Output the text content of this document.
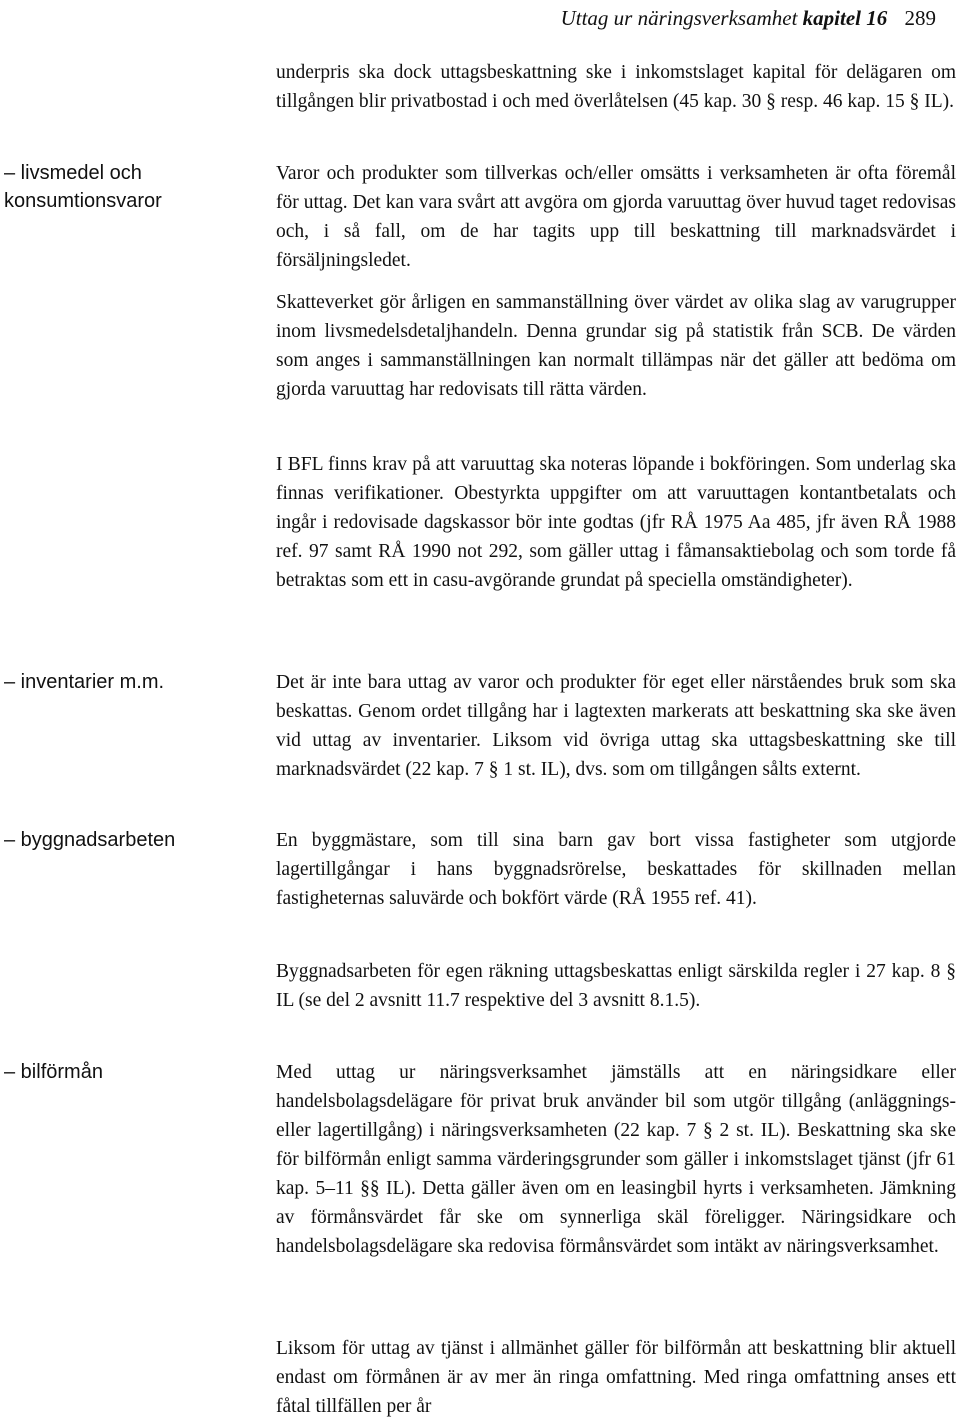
Uttag ur näringsverksamhet kapitel 16 289
– livsmedel och konsumtionsvaror
– inventarier m.m.
– byggnadsarbeten
– bilförmån

underpris ska dock uttagsbeskattning ske i inkomstslaget kapital för delägaren om tillgången blir privatbostad i och med överlåtelsen (45 kap. 30 § resp. 46 kap. 15 § IL).

Varor och produkter som tillverkas och/eller omsätts i verksamheten är ofta föremål för uttag. Det kan vara svårt att avgöra om gjorda varuuttag över huvud taget redovisas och, i så fall, om de har tagits upp till beskattning till marknadsvärdet i försäljningsledet.

Skatteverket gör årligen en sammanställning över värdet av olika slag av varugrupper inom livsmedelsdetaljhandeln. Denna grundar sig på statistik från SCB. De värden som anges i sammanställningen kan normalt tillämpas när det gäller att bedöma om gjorda varuuttag har redovisats till rätta värden.

I BFL finns krav på att varuuttag ska noteras löpande i bokföringen. Som underlag ska finnas verifikationer. Obestyrkta uppgifter om att varuuttagen kontantbetalats och ingår i redovisade dagskassor bör inte godtas (jfr RÅ 1975 Aa 485, jfr även RÅ 1988 ref. 97 samt RÅ 1990 not 292, som gäller uttag i fåmansaktiebolag och som torde få betraktas som ett in casu-avgörande grundat på speciella omständigheter).

Det är inte bara uttag av varor och produkter för eget eller närståendes bruk som ska beskattas. Genom ordet tillgång har i lagtexten markerats att beskattning ska ske även vid uttag av inventarier. Liksom vid övriga uttag ska uttagsbeskattning ske till marknadsvärdet (22 kap. 7 § 1 st. IL), dvs. som om tillgången sålts externt.

En byggmästare, som till sina barn gav bort vissa fastigheter som utgjorde lagertillgångar i hans byggnadsrörelse, beskattades för skillnaden mellan fastigheternas saluvärde och bokfört värde (RÅ 1955 ref. 41).

Byggnadsarbeten för egen räkning uttagsbeskattas enligt särskilda regler i 27 kap. 8 § IL (se del 2 avsnitt 11.7 respektive del 3 avsnitt 8.1.5).

Med uttag ur näringsverksamhet jämställs att en näringsidkare eller handelsbolagsdelägare för privat bruk använder bil som utgör tillgång (anläggnings- eller lagertillgång) i näringsverksamheten (22 kap. 7 § 2 st. IL). Beskattning ska ske för bilförmån enligt samma värderingsgrunder som gäller i inkomstslaget tjänst (jfr 61 kap. 5–11 §§ IL). Detta gäller även om en leasingbil hyrts i verksamheten. Jämkning av förmånsvärdet får ske om synnerliga skäl föreligger. Näringsidkare och handelsbolagsdelägare ska redovisa förmånsvärdet som intäkt av näringsverksamhet.

Liksom för uttag av tjänst i allmänhet gäller för bilförmån att beskattning blir aktuell endast om förmånen är av mer än ringa omfattning. Med ringa omfattning anses ett fåtal tillfällen per år
